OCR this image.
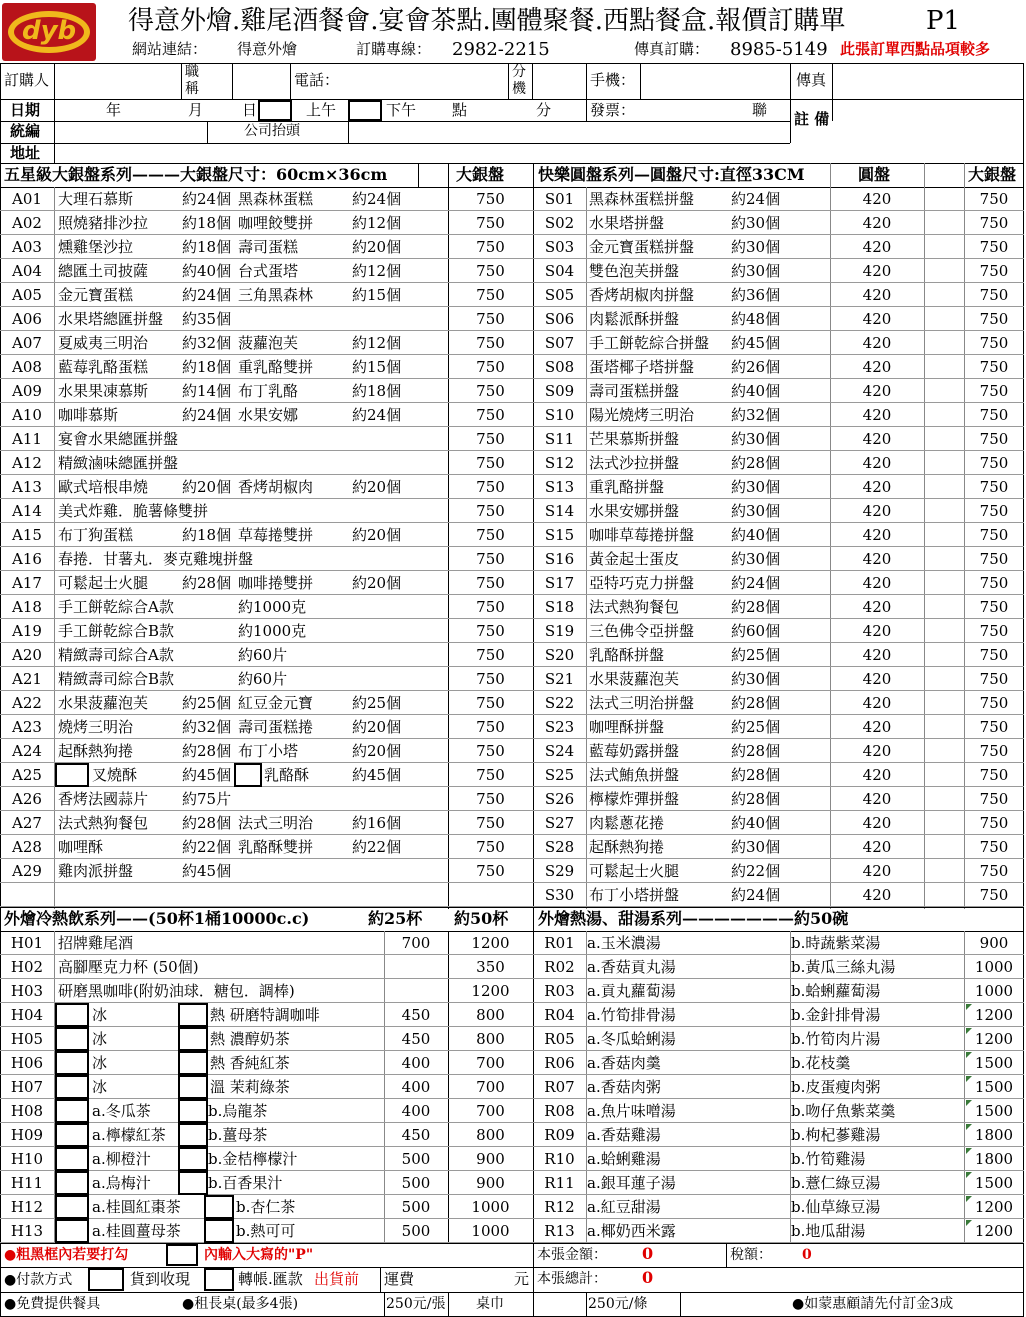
dyb 得意外燴.雞尾酒餐會.宴會茶點.團體聚餐.西點餐盒.報價訂購單	P1
網站連結： 得意外燴	訂購專線： 2982-2215	傳真訂購： 8985-5149 此張訂單西點品項較多
訂購人	職稱	電話：	分機	手機：	傳真
日期	年	月	日	上午	下午 點	分	發票：	聯 註 備
統編	公司抬頭
地址
五星級大銀盤系列———大銀盤尺寸：60cm×36cm	大銀盤 快樂圓盤系列—圓盤尺寸:直徑33CM	圓盤	大銀盤
A01	大理石慕斯	約24個 黑森林蛋糕	約24個	750
A02	照燒豬排沙拉	約18個 咖哩餃雙拼	約12個	750
A03	燻雞堡沙拉	約18個 壽司蛋糕	約20個	750
A04	總匯土司披薩	約40個 台式蛋塔	約12個	750
A05	金元寶蛋糕	約24個 三角黑森林	約15個	750
A06	水果塔總匯拼盤	約35個	750
A07	夏威夷三明治	約32個 菠蘿泡芙	約12個	750
A08	藍莓乳酪蛋糕	約18個 重乳酪雙拼	約15個	750
A09	水果果凍慕斯	約14個 布丁乳酪	約18個	750
A10	咖啡慕斯	約24個 水果安娜	約24個	750
A11	宴會水果總匯拼盤	750
A12	精緻滷味總匯拼盤	750
A13	歐式培根串燒	約20個 香烤胡椒肉	約20個	750
A14	美式炸雞．脆薯條雙拼	750
A15	布丁狗蛋糕	約18個 草莓捲雙拼	約20個	750
A16	春捲．甘薯丸．麥克雞塊拼盤	750
A17	可鬆起士火腿	約28個 咖啡捲雙拼	約20個	750
A18	手工餅乾綜合A款	約1000克	750
A19	手工餅乾綜合B款	約1000克	750
A20	精緻壽司綜合A款	約60片	750
A21	精緻壽司綜合B款	約60片	750
A22	水果菠蘿泡芙	約25個 紅豆金元寶	約25個	750
A23	燒烤三明治	約32個 壽司蛋糕捲	約20個	750
A24	起酥熱狗捲	約28個 布丁小塔	約20個	750
A25	叉燒酥	約45個	乳酪酥	約45個	750
A26	香烤法國蒜片	約75片	750
A27	法式熱狗餐包	約28個 法式三明治	約16個	750
A28	咖哩酥	約22個 乳酪酥雙拼	約22個	750
A29	雞肉派拼盤	約45個	750
S01 黑森林蛋糕拼盤	約24個	420	750
S02 水果塔拼盤	約30個	420	750
S03 金元寶蛋糕拼盤	約30個	420	750
S04 雙色泡芙拼盤	約30個	420	750
S05 香烤胡椒肉拼盤	約36個	420	750
S06 肉鬆派酥拼盤	約48個	420	750
S07 手工餅乾綜合拼盤	約45個	420	750
S08 蛋塔椰子塔拼盤	約26個	420	750
S09 壽司蛋糕拼盤	約40個	420	750
S10 陽光燒烤三明治	約32個	420	750
S11 芒果慕斯拼盤	約30個	420	750
S12 法式沙拉拼盤	約28個	420	750
S13 重乳酪拼盤	約30個	420	750
S14 水果安娜拼盤	約30個	420	750
S15 咖啡草莓捲拼盤	約40個	420	750
S16 黃金起士蛋皮	約30個	420	750
S17 亞特巧克力拼盤	約24個	420	750
S18 法式熱狗餐包	約28個	420	750
S19 三色佛令亞拼盤	約60個	420	750
S20 乳酪酥拼盤	約25個	420	750
S21 水果菠蘿泡芙	約30個	420	750
S22 法式三明治拼盤	約28個	420	750
S23 咖哩酥拼盤	約25個	420	750
S24 藍莓奶露拼盤	約28個	420	750
S25 法式鮪魚拼盤	約28個	420	750
S26 檸檬炸彈拼盤	約28個	420	750
S27 肉鬆蔥花捲	約40個	420	750
S28 起酥熱狗捲	約30個	420	750
S29 可鬆起士火腿	約22個	420	750
S30 布丁小塔拼盤	約24個	420	750
外燴冷熱飲系列——(50杯1桶10000c.c)	約25杯 約50杯 外燴熱湯、甜湯系列———————約50碗
H01 招牌雞尾酒	700	1200
H02 高腳壓克力杯 (50個)	350
H03 研磨黑咖啡(附奶油球．糖包．調棒)	1200
H04	冰	熱 研磨特調咖啡	450	800
H05	冰	熱 濃醇奶茶	450	800
H06	冰	熱 香純紅茶	400	700
H07	冰	溫 茉莉綠茶	400	700
H08	a.冬瓜茶	b.烏龍茶	400	700
H09	a.檸檬紅茶	b.薑母茶	450	800
H10	a.柳橙汁	b.金桔檸檬汁	500	900
H11	a.烏梅汁	b.百香果汁	500	900
H12	a.桂圓紅棗茶	b.杏仁茶	500	1000
H13	a.桂圓薑母茶	b.熱可可	500	1000
R01 a.玉米濃湯	b.時蔬紫菜湯	900
R02 a.香菇貢丸湯	b.黃瓜三絲丸湯	1000
R03 a.貢丸蘿蔔湯	b.蛤蜊蘿蔔湯	1000
R04 a.竹筍排骨湯	b.金針排骨湯	1200
R05 a.冬瓜蛤蜊湯	b.竹筍肉片湯	1200
R06 a.香菇肉羹	b.花枝羹	1500
R07 a.香菇肉粥	b.皮蛋瘦肉粥	1500
R08 a.魚片味噌湯	b.吻仔魚紫菜羹	1500
R09 a.香菇雞湯	b.枸杞蔘雞湯	1800
R10 a.蛤蜊雞湯	b.竹筍雞湯	1800
R11 a.銀耳蓮子湯	b.薏仁綠豆湯	1500
R12 a.紅豆甜湯	b.仙草綠豆湯	1200
R13 a.椰奶西米露	b.地瓜甜湯	1200
●粗黑框內若要打勾	內輸入大寫的"P"	本張金額： 0	稅額： 0
●付款方式	貨到收現	轉帳.匯款 出貨前 運費	元 本張總計： 0
●免費提供餐具	●租長桌(最多4張)	250元/張 桌巾	250元/條	●如蒙惠顧請先付訂金3成
